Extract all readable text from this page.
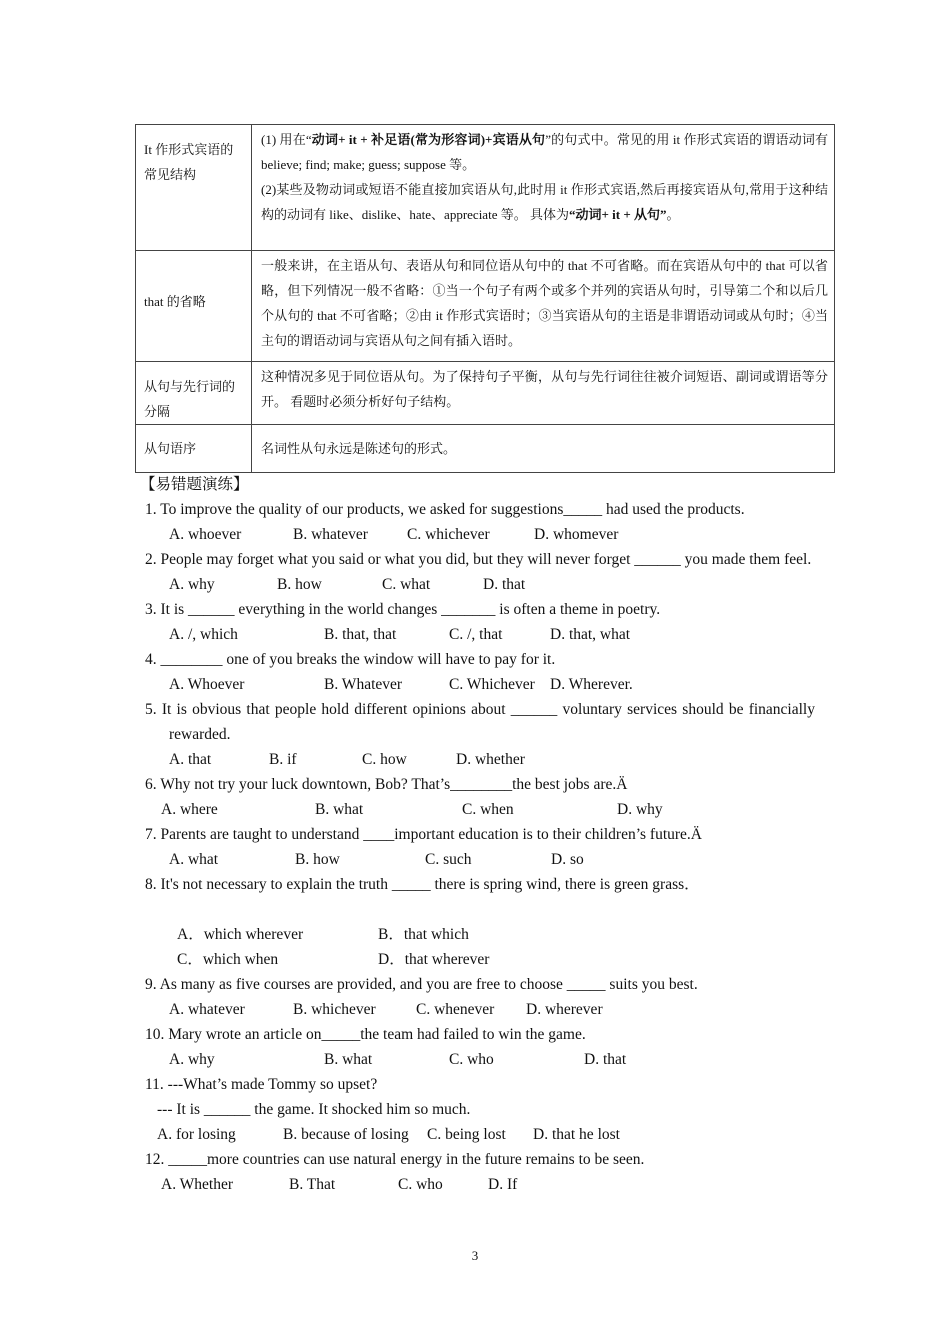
It 作形式宾语的常见结构	(1) 用在“动词+ it + 补足语(常为形容词)+宾语从句”的句式中。常见的用 it 作形式宾语的谓语动词有 believe; find; make; guess; suppose 等。
(2)某些及物动词或短语不能直接加宾语从句,此时用 it 作形式宾语,然后再接宾语从句,常用于这种结构的动词有 like、dislike、hate、appreciate 等。 具体为“动词+ it + 从句”。

that 的省略	一般来讲，在主语从句、表语从句和同位语从句中的 that 不可省略。而在宾语从句中的 that 可以省略，但下列情况一般不省略：①当一个句子有两个或多个并列的宾语从句时，引导第二个和以后几个从句的 that 不可省略；②由 it 作形式宾语时；③当宾语从句的主语是非谓语动词或从句时；④当主句的谓语动词与宾语从句之间有插入语时。
从句与先行词的分隔	这种情况多见于同位语从句。为了保持句子平衡，从句与先行词往往被介词短语、副词或谓语等分开。 看题时必须分析好句子结构。
从句语序	名词性从句永远是陈述句的形式。
【易错题演练】
1. To improve the quality of our products, we asked for suggestions_____ had used the products.
A. whoever	B. whatever	C. whichever	D. whomever
2. People may forget what you said or what you did, but they will never forget ______ you made them feel.
A. why	B. how	C. what	D. that
3. It is ______ everything in the world changes _______ is often a theme in poetry.
A. /, which	B. that, that	C. /, that	D. that, what
4. ________ one of you breaks the window will have to pay for it.
A. Whoever	B. Whatever	C. Whichever D. Wherever.
5. It is obvious that people hold different opinions about ______ voluntary services should be financially rewarded.
A. that	B. if	C. how	D. whether
6. Why not try your luck downtown, Bob? That’s________the best jobs are.Ä
A. where	B. what	C. when	D. why
7. Parents are taught to understand ____important education is to their children’s future.Ä
A. what	B. how	C. such	D. so
8. It's not necessary to explain the truth _____ there is spring wind, there is green grass．
A．which wherever	B．that which
C．which when	D．that wherever
9. As many as five courses are provided, and you are free to choose _____ suits you best.
A. whatever	B. whichever	C. whenever	D. wherever
10. Mary wrote an article on_____the team had failed to win the game.
A. why	B. what	C. who	D. that
11. ---What’s made Tommy so upset?
--- It is ______ the game. It shocked him so much.
A. for losing	B. because of losing	C. being lost	D. that he lost
12. _____more countries can use natural energy in the future remains to be seen.
A. Whether	B. That	C. who	D. If
3
